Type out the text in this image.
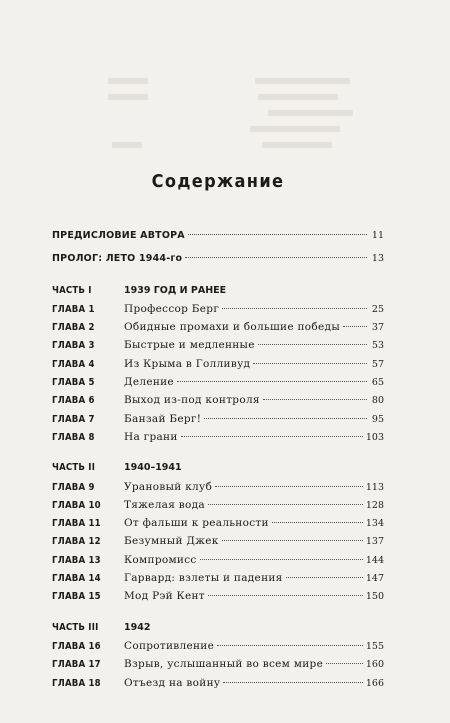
Содержание
ПРЕДИСЛОВИЕ АВТОРА	11
ПРОЛОГ: ЛЕТО 1944-го	13
ЧАСТЬ I	1939 ГОД И РАНЕЕ
ГЛАВА 1	Профессор Берг	25
ГЛАВА 2	Обидные промахи и большие победы	37
ГЛАВА 3	Быстрые и медленные	53
ГЛАВА 4	Из Крыма в Голливуд	57
ГЛАВА 5	Деление	65
ГЛАВА 6	Выход из-под контроля	80
ГЛАВА 7	Банзай Берг!	95
ГЛАВА 8	На грани	103
ЧАСТЬ II	1940–1941
ГЛАВА 9	Урановый клуб	113
ГЛАВА 10	Тяжелая вода	128
ГЛАВА 11	От фальши к реальности	134
ГЛАВА 12	Безумный Джек	137
ГЛАВА 13	Компромисс	144
ГЛАВА 14	Гарвард: взлеты и падения	147
ГЛАВА 15	Мод Рэй Кент	150
ЧАСТЬ III	1942
ГЛАВА 16	Сопротивление	155
ГЛАВА 17	Взрыв, услышанный во всем мире	160
ГЛАВА 18	Отъезд на войну	166
